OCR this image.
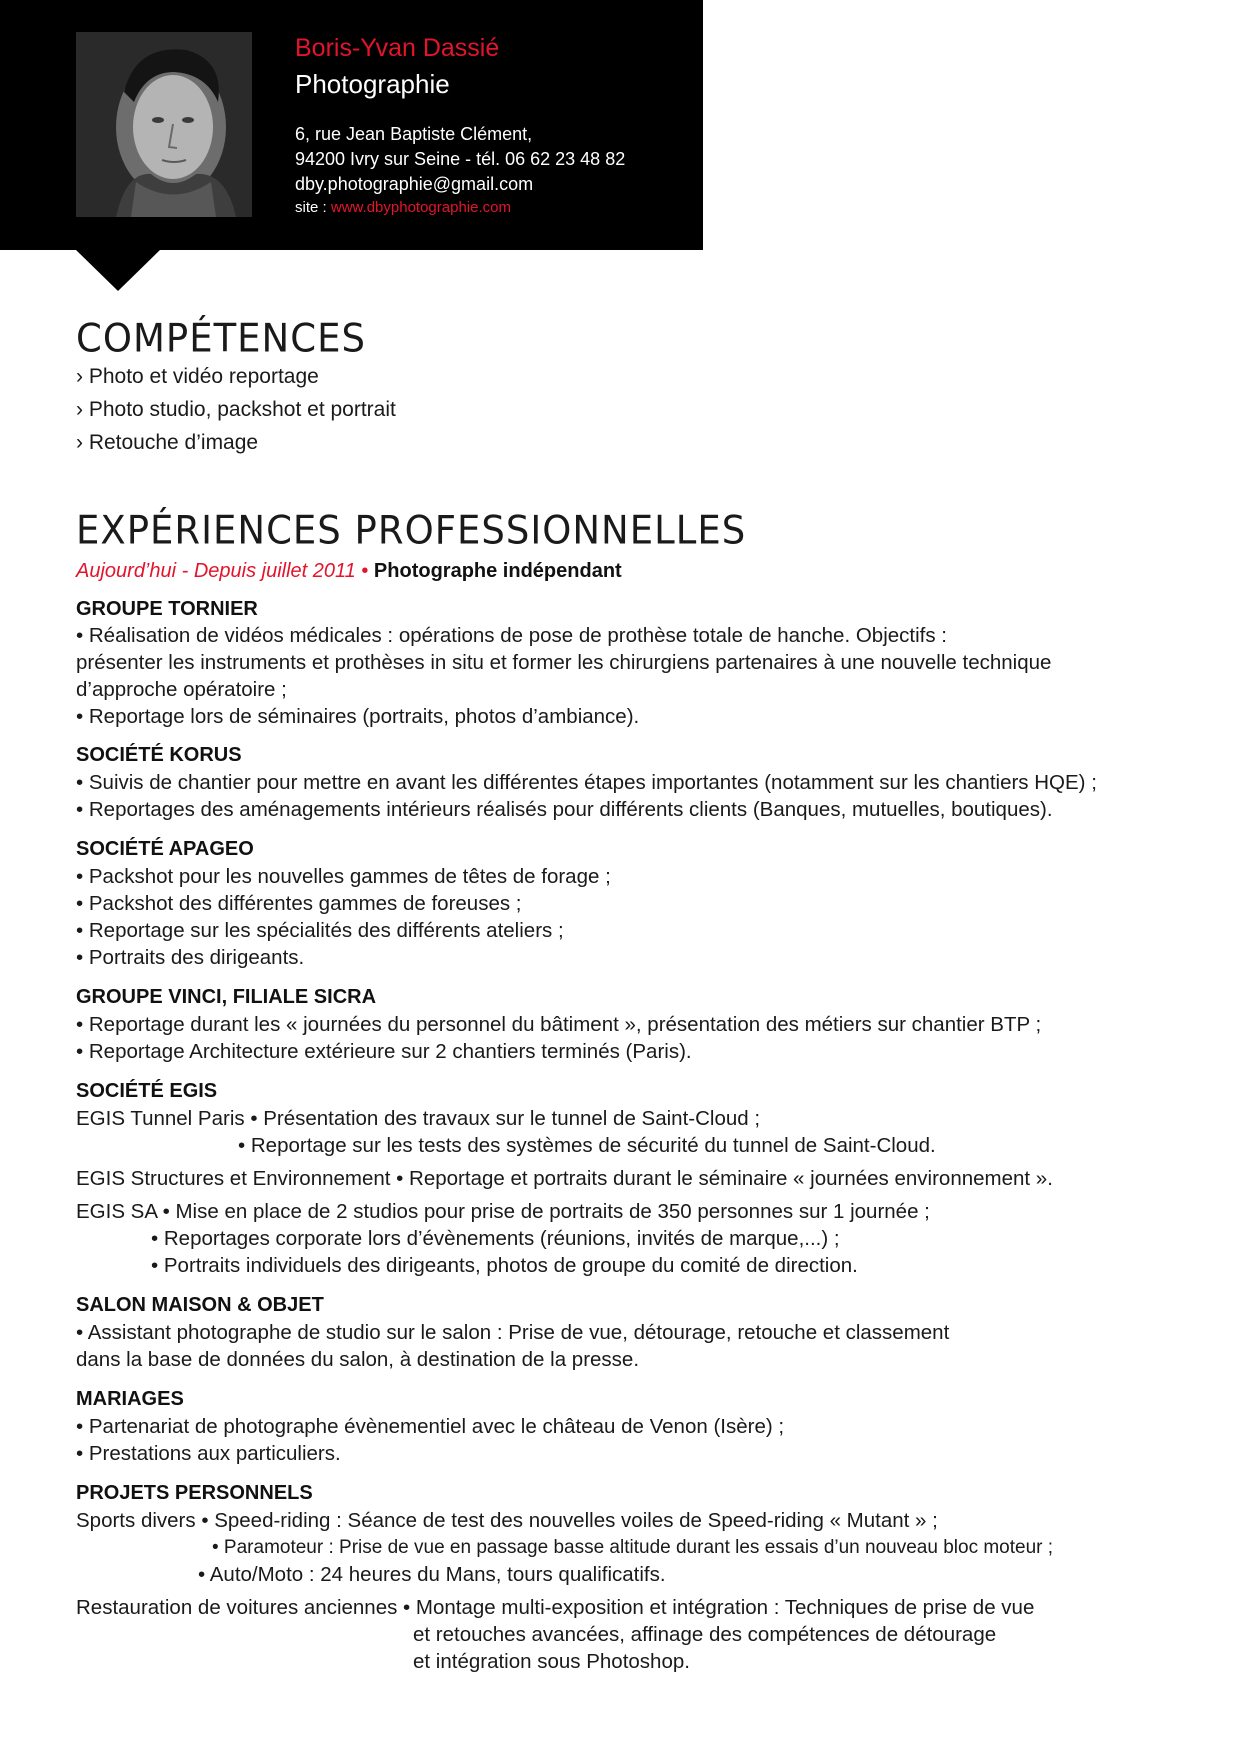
Boris-Yvan Dassié
Photographie
6, rue Jean Baptiste Clément,
94200 Ivry sur Seine - tél. 06 62 23 48 82
dby.photographie@gmail.com
site : www.dbyphotographie.com
COMPÉTENCES
› Photo et vidéo reportage
› Photo studio, packshot et portrait
› Retouche d’image
EXPÉRIENCES PROFESSIONNELLES
Aujourd’hui - Depuis juillet 2011 • Photographe indépendant
GROUPE TORNIER
• Réalisation de vidéos médicales : opérations de pose de prothèse totale de hanche. Objectifs :
présenter les instruments et prothèses in situ et former les chirurgiens partenaires à une nouvelle technique
d’approche opératoire ;
• Reportage lors de séminaires (portraits, photos d’ambiance).
SOCIÉTÉ KORUS
• Suivis de chantier pour mettre en avant les différentes étapes importantes (notamment sur les chantiers HQE) ;
• Reportages des aménagements intérieurs réalisés pour différents clients (Banques, mutuelles, boutiques).
SOCIÉTÉ APAGEO
• Packshot pour les nouvelles gammes de têtes de forage ;
• Packshot des différentes gammes de foreuses ;
• Reportage sur les spécialités des différents ateliers ;
• Portraits des dirigeants.
GROUPE VINCI, FILIALE SICRA
• Reportage durant les « journées du personnel du bâtiment », présentation des métiers sur chantier BTP ;
• Reportage Architecture extérieure sur 2 chantiers terminés (Paris).
SOCIÉTÉ EGIS
EGIS Tunnel Paris • Présentation des travaux sur le tunnel de Saint-Cloud ;
• Reportage sur les tests des systèmes de sécurité du tunnel de Saint-Cloud.
EGIS Structures et Environnement • Reportage et portraits durant le séminaire « journées environnement ».
EGIS SA • Mise en place de 2 studios pour prise de portraits de 350 personnes sur 1 journée ;
• Reportages corporate lors d’évènements (réunions, invités de marque,...) ;
• Portraits individuels des dirigeants, photos de groupe du comité de direction.
SALON MAISON & OBJET
• Assistant photographe de studio sur le salon : Prise de vue, détourage, retouche et classement
dans la base de données du salon, à destination de la presse.
MARIAGES
• Partenariat de photographe évènementiel avec le château de Venon (Isère) ;
• Prestations aux particuliers.
PROJETS PERSONNELS
Sports divers • Speed-riding : Séance de test des nouvelles voiles de Speed-riding « Mutant » ;
• Paramoteur : Prise de vue en passage basse altitude durant les essais d’un nouveau bloc moteur ;
• Auto/Moto : 24 heures du Mans, tours qualificatifs.
Restauration de voitures anciennes • Montage multi-exposition et intégration : Techniques de prise de vue
et retouches avancées, affinage des compétences de détourage
et intégration sous Photoshop.
